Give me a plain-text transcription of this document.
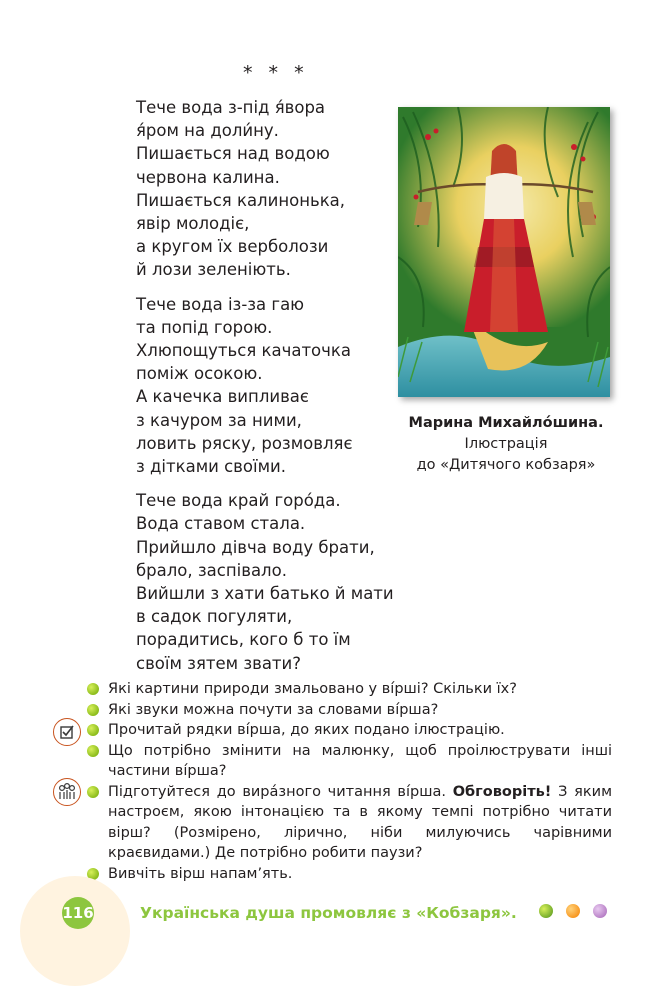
* * *
Тече вода з-під я́вора
я́ром на доли́ну.
Пишається над водою
червона калина.
Пишається калинонька,
явір молодіє,
а кругом їх верболози
й лози зеленіють.
Тече вода із-за гаю
та попід горою.
Хлюпощуться качаточка
поміж осокою.
А качечка випливає
з качуром за ними,
ловить ряску, розмовляє
з дітками своїми.
Тече вода край горо́да.
Вода ставом стала.
Прийшло дівча воду брати,
брало, заспівало.
Вийшли з хати батько й мати
в садок погуляти,
порадитись, кого б то їм
своїм зятем звати?
Марина Михайло́шина.
Ілюстрація
до «Дитячого кобзаря»
Які картини природи змальовано у ві́рші? Скільки їх?
Які звуки можна почути за словами ві́рша?
Прочитай рядки ві́рша, до яких подано ілюстрацію.
Що потрібно змінити на малюнку, щоб проілюструвати інші частини ві́рша?
Підготуйтеся до вира́зного читання ві́рша. Обговоріть! З яким настроєм, якою інтонацією та в якому темпі потрібно читати вірш? (Розмірено, лірично, ніби милуючись чарівними краєвидами.) Де потрібно робити паузи?
Вивчіть вірш напам’ять.
116	Українська душа промовляє з «Кобзаря».
